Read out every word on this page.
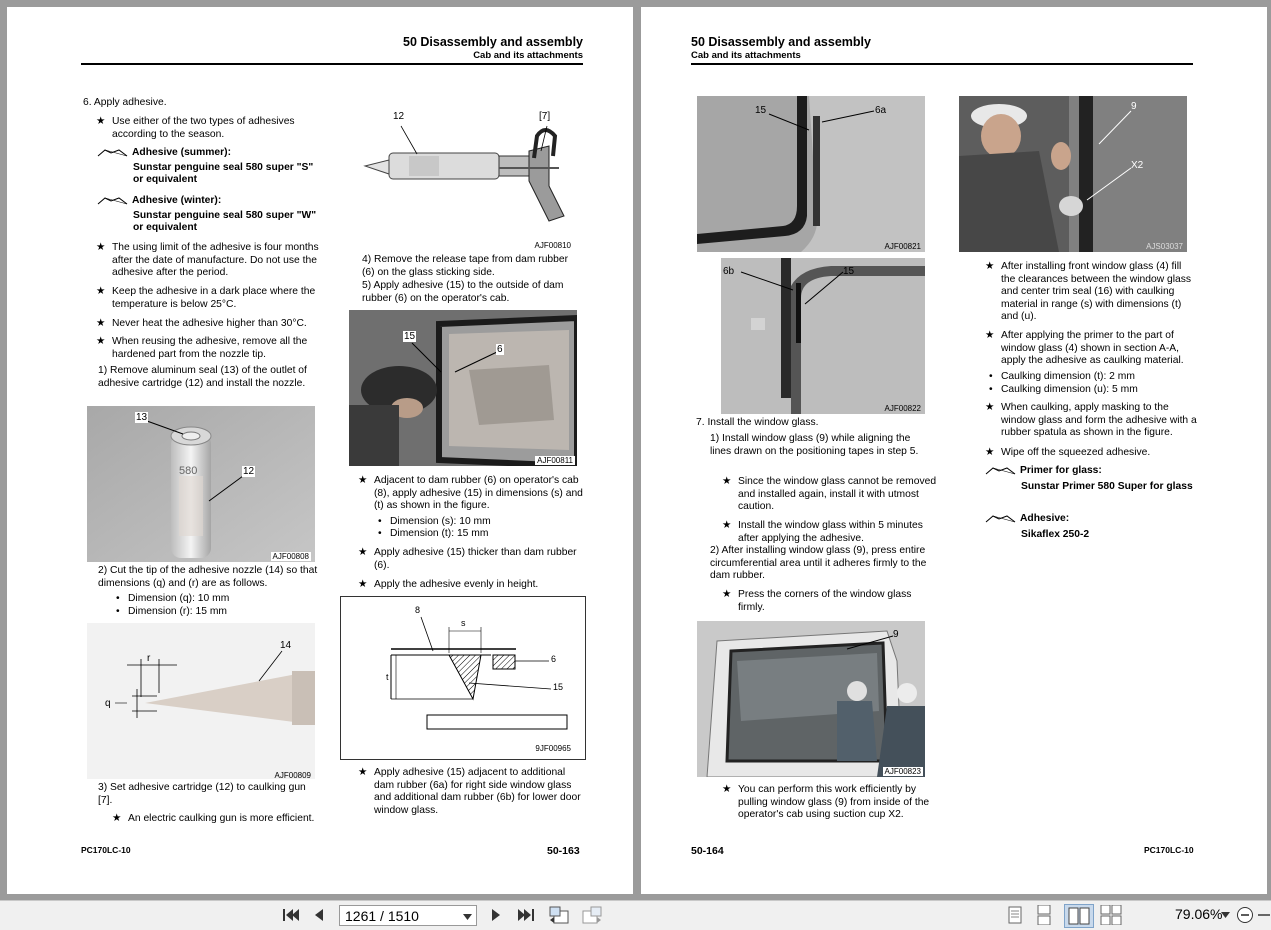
50 Disassembly and assembly
Cab and its attachments
6. Apply adhesive.
★ Use either of the two types of adhesives according to the season.
Adhesive (summer):
Sunstar penguine seal 580 super "S" or equivalent
Adhesive (winter):
Sunstar penguine seal 580 super "W" or equivalent
★ The using limit of the adhesive is four months after the date of manufacture. Do not use the adhesive after the period.
★ Keep the adhesive in a dark place where the temperature is below 25°C.
★ Never heat the adhesive higher than 30°C.
★ When reusing the adhesive, remove all the hardened part from the nozzle tip.
1) Remove aluminum seal (13) of the outlet of adhesive cartridge (12) and install the nozzle.
13
12
580
AJF00808
2) Cut the tip of the adhesive nozzle (14) so that dimensions (q) and (r) are as follows.
• Dimension (q): 10 mm
• Dimension (r): 15 mm
r
q
14
AJF00809
3) Set adhesive cartridge (12) to caulking gun [7].
★ An electric caulking gun is more efficient.
12	[7]
AJF00810
4) Remove the release tape from dam rubber (6) on the glass sticking side.
5) Apply adhesive (15) to the outside of dam rubber (6) on the operator's cab.
15
6
AJF00811
★ Adjacent to dam rubber (6) on operator's cab (8), apply adhesive (15) in dimensions (s) and (t) as shown in the figure.
• Dimension (s): 10 mm
• Dimension (t): 15 mm
★ Apply adhesive (15) thicker than dam rubber (6).
★ Apply the adhesive evenly in height.
s
t
8
6
15
9JF00965
★ Apply adhesive (15) adjacent to additional dam rubber (6a) for right side window glass and additional dam rubber (6b) for lower door window glass.
PC170LC-10	50-163
50 Disassembly and assembly
Cab and its attachments
15	6a
AJF00821
9
X2
AJS03037
6b	15
AJF00822
7. Install the window glass.
1) Install window glass (9) while aligning the lines drawn on the positioning tapes in step 5.
★ Since the window glass cannot be removed and installed again, install it with utmost caution.
★ Install the window glass within 5 minutes after applying the adhesive.
2) After installing window glass (9), press entire circumferential area until it adheres firmly to the dam rubber.
★ Press the corners of the window glass firmly.
9
AJF00823
★ You can perform this work efficiently by pulling window glass (9) from inside of the operator's cab using suction cup X2.
★ After installing front window glass (4) fill the clearances between the window glass and center trim seal (16) with caulking material in range (s) with dimensions (t) and (u).
★ After applying the primer to the part of window glass (4) shown in section A-A, apply the adhesive as caulking material.
• Caulking dimension (t): 2 mm
• Caulking dimension (u): 5 mm
★ When caulking, apply masking to the window glass and form the adhesive with a rubber spatula as shown in the figure.
★ Wipe off the squeezed adhesive.
Primer for glass:
Sunstar Primer 580 Super for glass
Adhesive:
Sikaflex 250-2
50-164	PC170LC-10
1261 / 1510	79.06%
